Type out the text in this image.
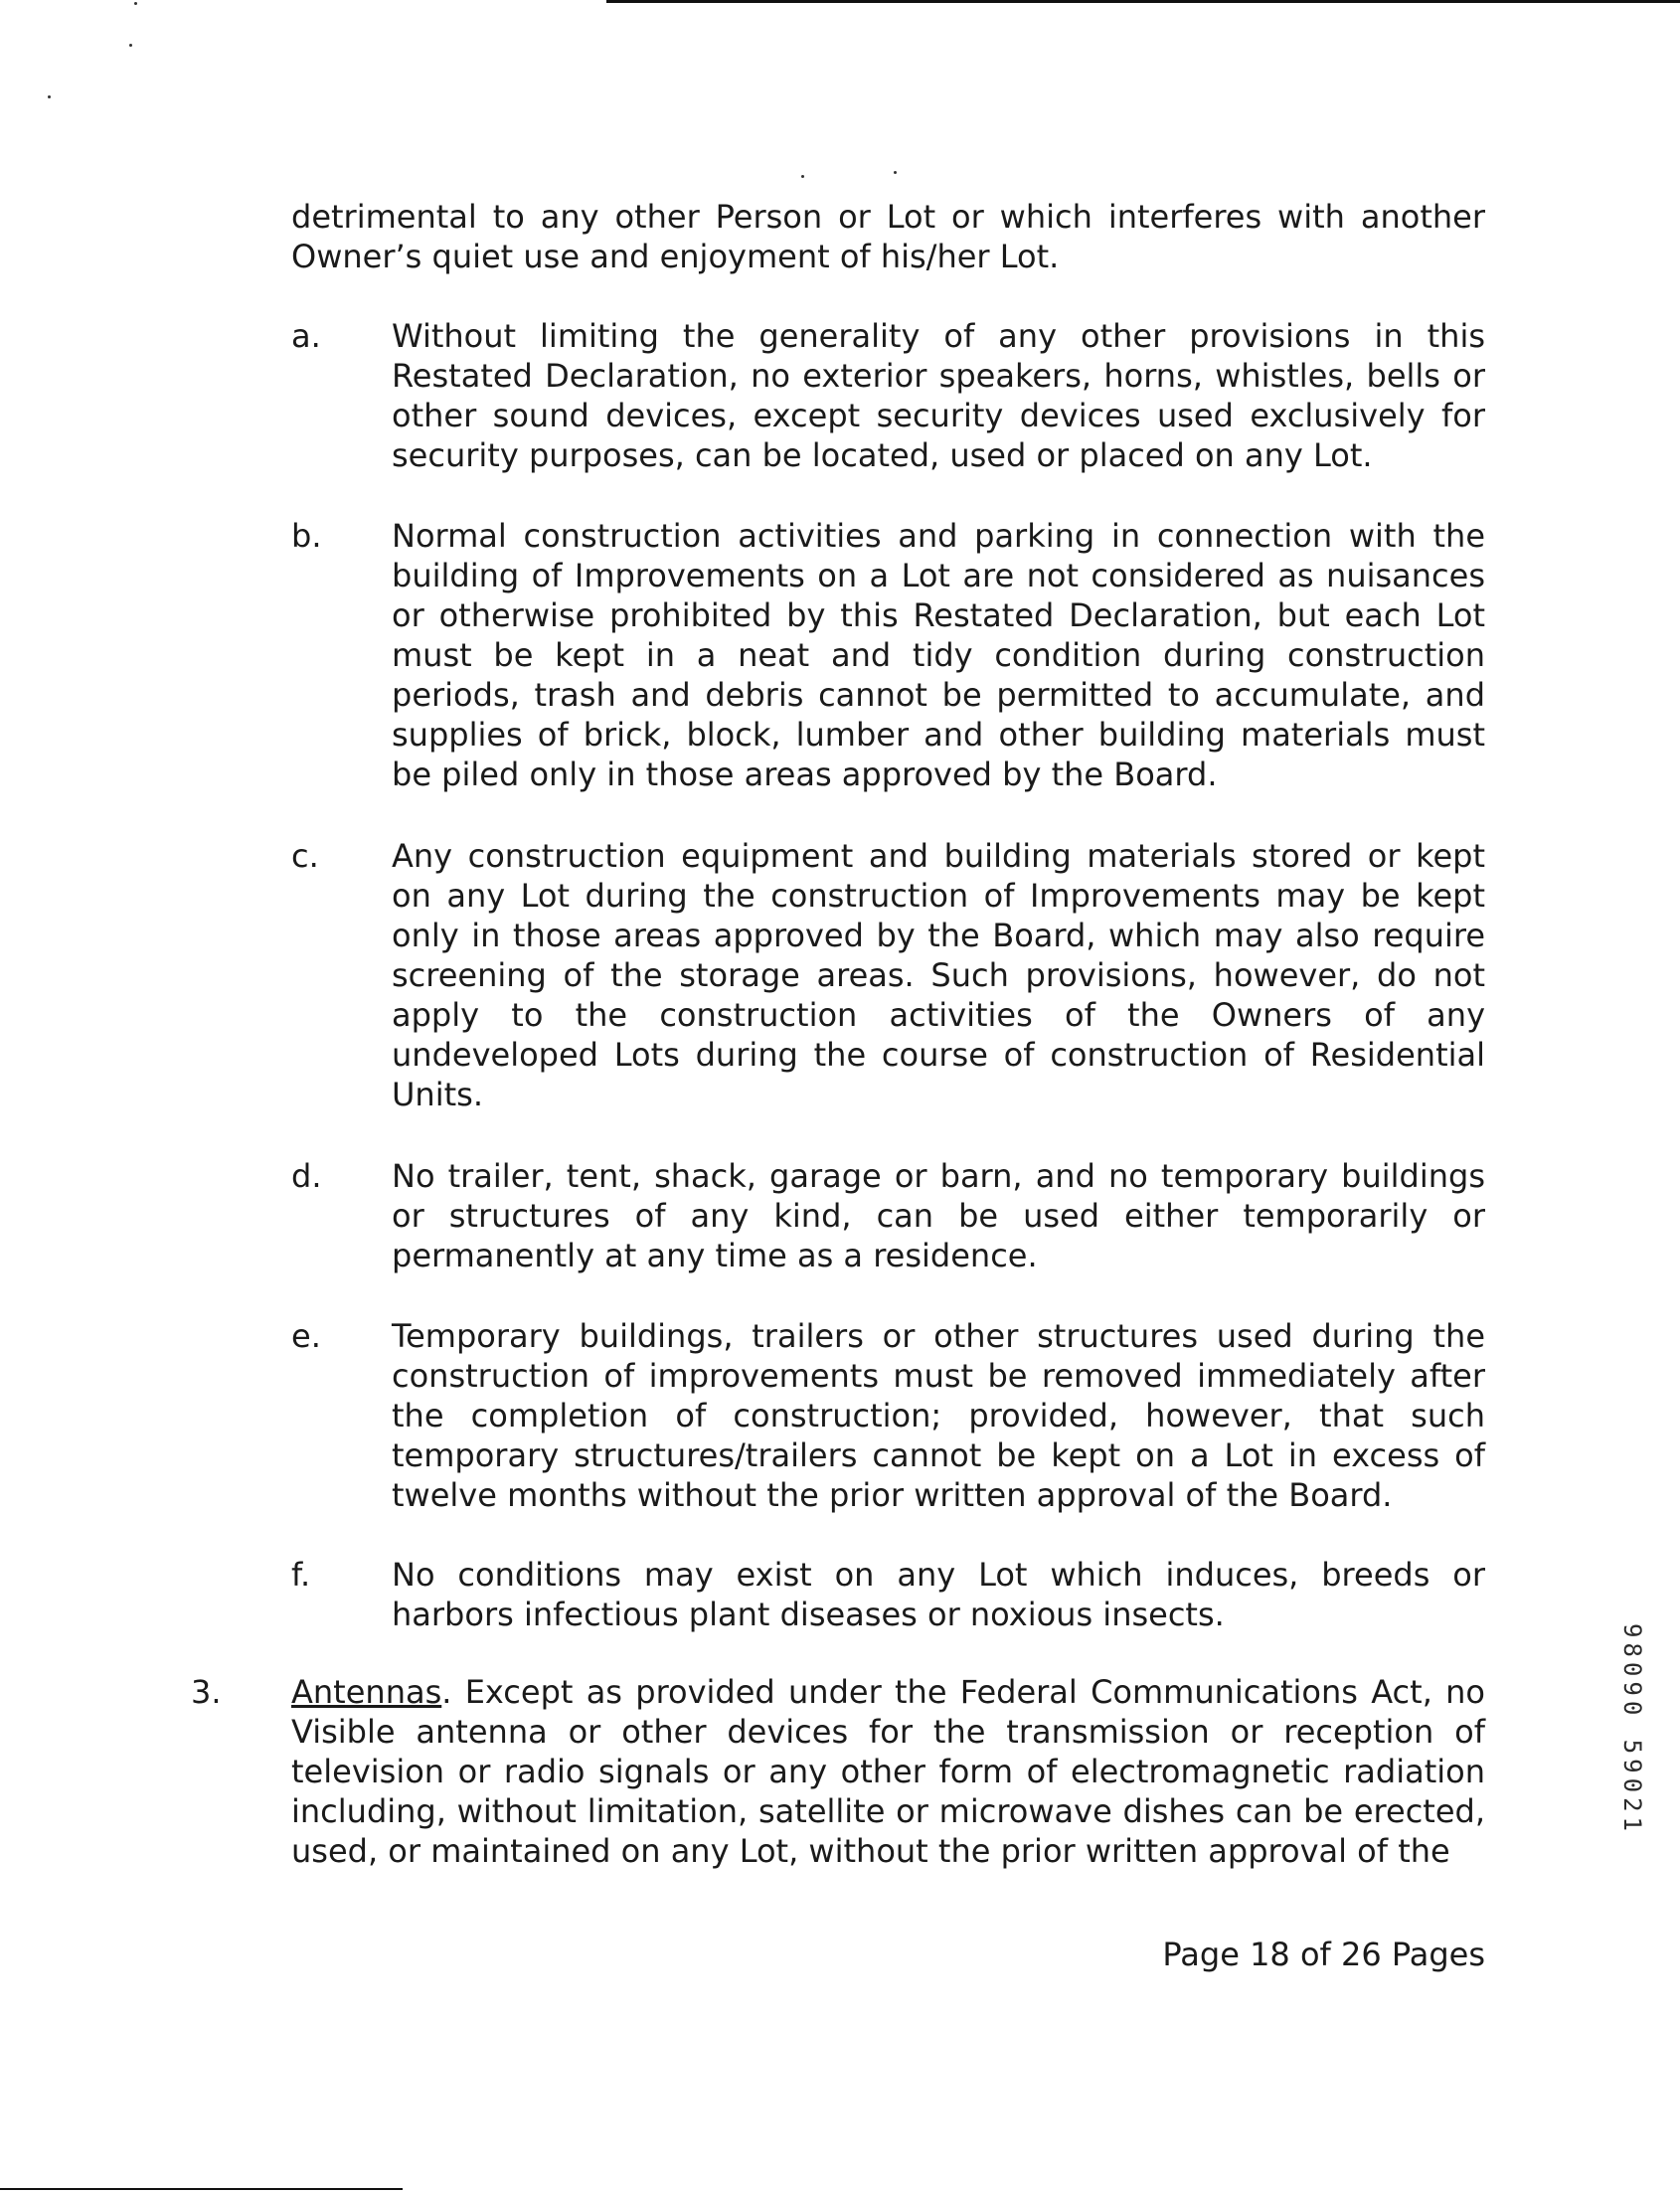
detrimental to any other Person or Lot or which interferes with another Owner’s quiet use and enjoyment of his/her Lot.

a. Without limiting the generality of any other provisions in this Restated Declaration, no exterior speakers, horns, whistles, bells or other sound devices, except security devices used exclusively for security purposes, can be located, used or placed on any Lot.

b. Normal construction activities and parking in connection with the building of Improvements on a Lot are not considered as nuisances or otherwise prohibited by this Restated Declaration, but each Lot must be kept in a neat and tidy condition during construction periods, trash and debris cannot be permitted to accumulate, and supplies of brick, block, lumber and other building materials must be piled only in those areas approved by the Board.

c. Any construction equipment and building materials stored or kept on any Lot during the construction of Improvements may be kept only in those areas approved by the Board, which may also require screening of the storage areas. Such provisions, however, do not apply to the construction activities of the Owners of any undeveloped Lots during the course of construction of Residential Units.

d. No trailer, tent, shack, garage or barn, and no temporary buildings or structures of any kind, can be used either temporarily or permanently at any time as a residence.

e. Temporary buildings, trailers or other structures used during the construction of improvements must be removed immediately after the completion of construction; provided, however, that such temporary structures/trailers cannot be kept on a Lot in excess of twelve months without the prior written approval of the Board.

f.	No conditions may exist on any Lot which induces, breeds or harbors infectious plant diseases or noxious insects.

3. Antennas. Except as provided under the Federal Communications Act, no Visible antenna or other devices for the transmission or reception of television or radio signals or any other form of electromagnetic radiation including, without limitation, satellite or microwave dishes can be erected, used, or maintained on any Lot, without the prior written approval of the

Page 18 of 26 Pages
98090 59021
